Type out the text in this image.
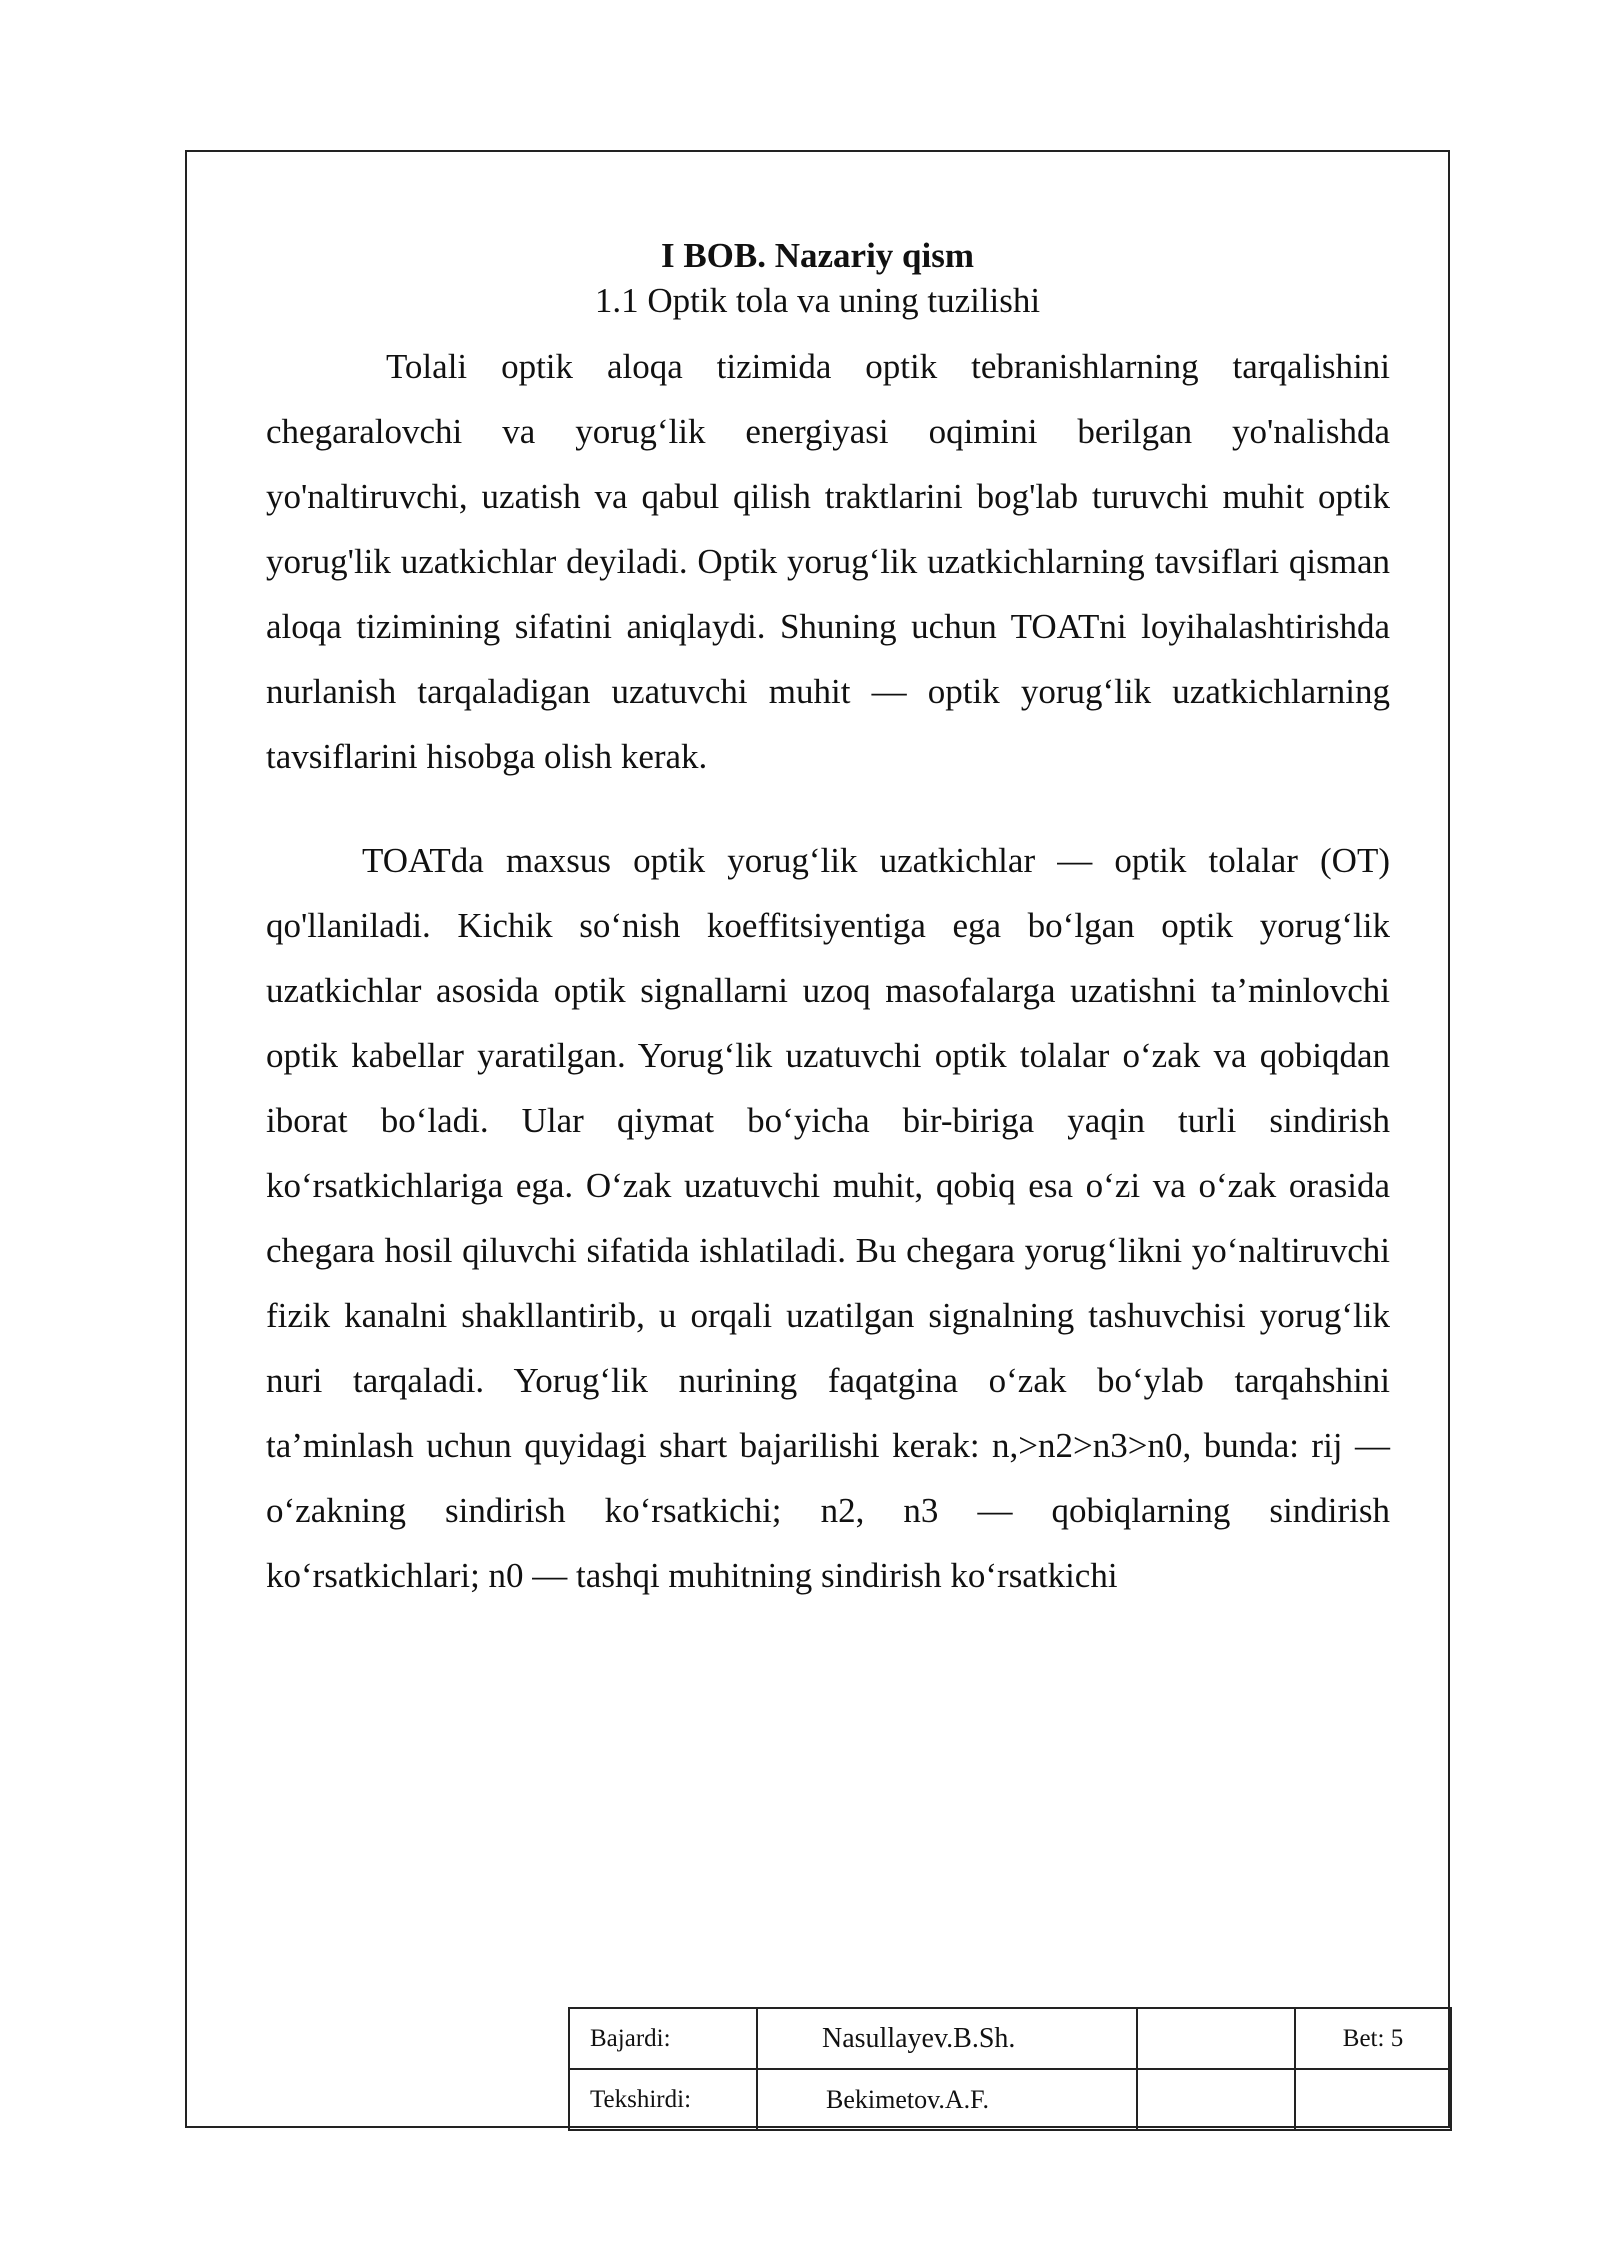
I BOB. Nazariy qism
1.1 Optik tola va uning tuzilishi

Tolali optik aloqa tizimida optik tebranishlarning tarqalishini chegaralovchi va yorug‘lik energiyasi oqimini berilgan yo'nalishda yo'naltiruvchi, uzatish va qabul qilish traktlarini bog'lab turuvchi muhit optik yorug'lik uzatkichlar deyiladi. Optik yorug‘lik uzatkichlarning tavsiflari qisman aloqa tizimining sifatini aniqlaydi. Shuning uchun TOATni loyihalashtirishda nurlanish tarqaladigan uzatuvchi muhit — optik yorug‘lik uzatkichlarning tavsiflarini hisobga olish kerak.

TOATda maxsus optik yorug‘lik uzatkichlar — optik tolalar (OT) qo'llaniladi. Kichik so‘nish koeffitsiyentiga ega bo‘lgan optik yorug‘lik uzatkichlar asosida optik signallarni uzoq masofalarga uzatishni ta’minlovchi optik kabellar yaratilgan. Yorug‘lik uzatuvchi optik tolalar o‘zak va qobiqdan iborat bo‘ladi. Ular qiymat bo‘yicha bir-biriga yaqin turli sindirish ko‘rsatkichlariga ega. O‘zak uzatuvchi muhit, qobiq esa o‘zi va o‘zak orasida chegara hosil qiluvchi sifatida ishlatiladi. Bu chegara yorug‘likni yo‘naltiruvchi fizik kanalni shakllantirib, u orqali uzatilgan signalning tashuvchisi yorug‘lik nuri tarqaladi. Yorug‘lik nurining faqatgina o‘zak bo‘ylab tarqahshini ta’minlash uchun quyidagi shart bajarilishi kerak: n,>n2>n3>n0, bunda: rij — o‘zakning sindirish ko‘rsatkichi; n2, n3 — qobiqlarning sindirish ko‘rsatkichlari; n0 — tashqi muhitning sindirish ko‘rsatkichi

Bajardi:	Nasullayev.B.Sh.		Bet: 5
Tekshirdi:	Bekimetov.A.F.		
